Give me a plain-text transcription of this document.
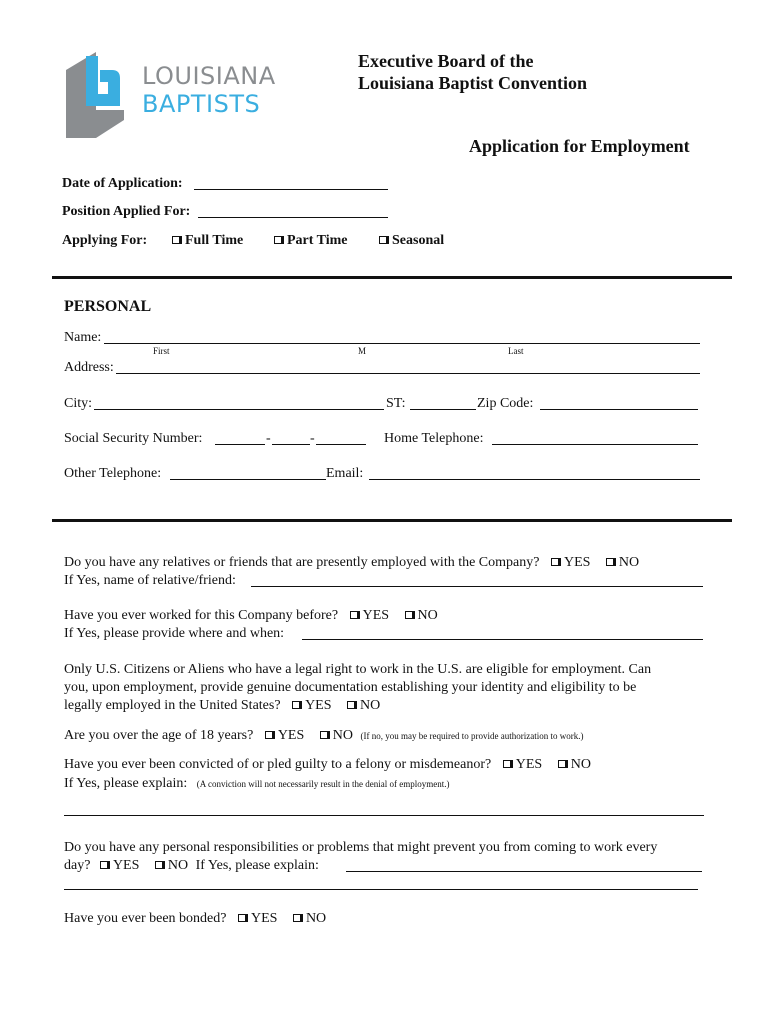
LOUISIANA
BAPTISTS
Executive Board of the
Louisiana Baptist Convention
Application for Employment
Date of Application:
Position Applied For:
Applying For:	Full Time	Part Time	Seasonal
PERSONAL
Name:
First	M	Last
Address:
City:	ST:	Zip Code:
Social Security Number:	-	-	Home Telephone:
Other Telephone:	Email:
Do you have any relatives or friends that are presently employed with the Company? YES NO
If Yes, name of relative/friend:
Have you ever worked for this Company before? YES NO
If Yes, please provide where and when:
Only U.S. Citizens or Aliens who have a legal right to work in the U.S. are eligible for employment. Can
you, upon employment, provide genuine documentation establishing your identity and eligibility to be
legally employed in the United States? YES NO
Are you over the age of 18 years? YES NO (If no, you may be required to provide authorization to work.)
Have you ever been convicted of or pled guilty to a felony or misdemeanor? YES NO
If Yes, please explain: (A conviction will not necessarily result in the denial of employment.)
Do you have any personal responsibilities or problems that might prevent you from coming to work every
day? YES NO If Yes, please explain:
Have you ever been bonded? YES NO
